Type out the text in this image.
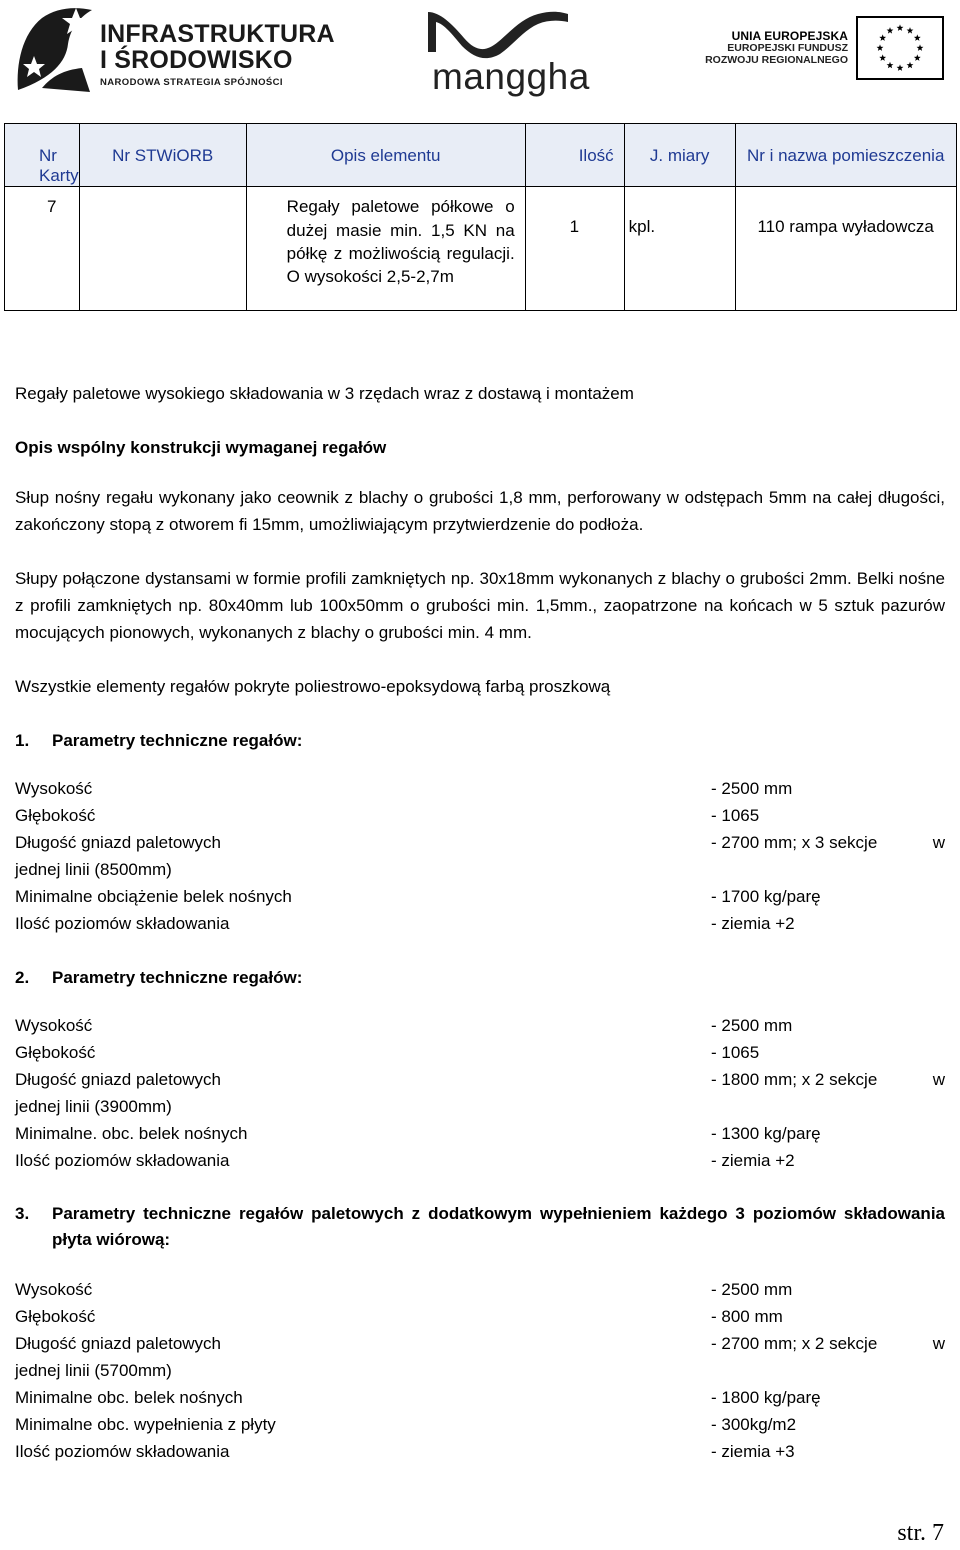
INFRASTRUKTURA
I ŚRODOWISKO
NARODOWA STRATEGIA SPÓJNOŚCI	manggha
UNIA EUROPEJSKA
EUROPEJSKI FUNDUSZ
ROZWOJU REGIONALNEGO
Nr Karty	Nr STWiORB	Opis elementu	Ilość	J. miary	Nr i nazwa pomieszczenia

7		Regały paletowe półkowe o dużej masie min. 1,5 KN na półkę z możliwością regulacji. O wysokości 2,5-2,7m	1	kpl.	110 rampa wyładowcza
Regały paletowe wysokiego składowania w 3 rzędach wraz z dostawą i montażem
Opis wspólny konstrukcji wymaganej regałów
Słup nośny regału wykonany jako ceownik z blachy o grubości 1,8 mm, perforowany w odstępach 5mm na całej długości, zakończony stopą z otworem fi 15mm, umożliwiającym przytwierdzenie do podłoża.
Słupy połączone dystansami w formie profili zamkniętych np. 30x18mm wykonanych z blachy o grubości 2mm. Belki nośne z profili zamkniętych np. 80x40mm lub 100x50mm o grubości min. 1,5mm., zaopatrzone na końcach w 5 sztuk pazurów mocujących pionowych, wykonanych z blachy o grubości min. 4 mm.
Wszystkie elementy regałów pokryte poliestrowo-epoksydową farbą proszkową
1. Parametry techniczne regałów:
Wysokość	- 2500 mm
Głębokość	- 1065
Długość gniazd paletowych	- 2700 mm; x 3 sekcje	w
jednej linii (8500mm)
Minimalne obciążenie belek nośnych	- 1700 kg/parę
Ilość poziomów składowania	- ziemia +2
2. Parametry techniczne regałów:
Wysokość	- 2500 mm
Głębokość	- 1065
Długość gniazd paletowych	- 1800 mm; x 2 sekcje	w
jednej linii (3900mm)
Minimalne. obc. belek nośnych	- 1300 kg/parę
Ilość poziomów składowania	- ziemia +2
3. Parametry techniczne regałów paletowych z dodatkowym wypełnieniem każdego 3 poziomów składowania płyta wiórową:
Wysokość	- 2500 mm
Głębokość	- 800 mm
Długość gniazd paletowych	- 2700 mm; x 2 sekcje	w
jednej linii (5700mm)
Minimalne obc. belek nośnych	- 1800 kg/parę
Minimalne obc. wypełnienia z płyty	- 300kg/m2
Ilość poziomów składowania	- ziemia +3
str. 7
